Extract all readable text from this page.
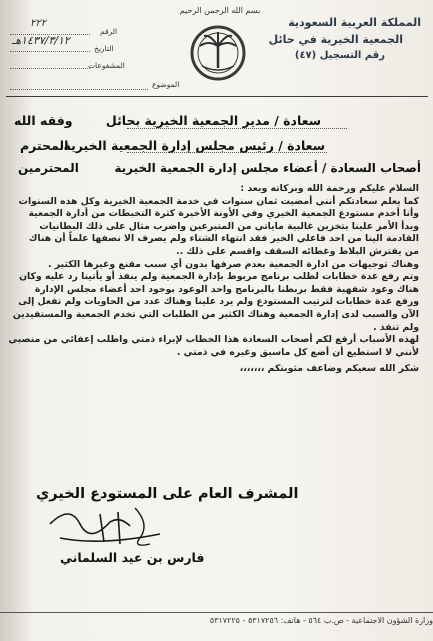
بسم الله الرحمن الرحيم
المملكة العربية السعودية
الجمعية الخيرية في حائل
رقم التسجيل (٤٧)
الرقم
٢٢٢
التاريخ
١٤٣٧/٣/١٢هـ
المشفوعات
الموضوع
سعادة / مدير الجمعية الخيرية بحائل
وفقه الله
سعادة / رئيس مجلس إدارة الجمعية الخيرية
المحترم
أصحاب السعادة / أعضاء مجلس إدارة الجمعية الخيرية
المحترمين

السلام عليكم ورحمة الله وبركاته وبعد :

كما يعلم سعادتكم أنني أمضيت ثمان سنوات في خدمة الجمعية الخيرية وكل هذه السنوات

وأنا أخدم مستودع الجمعية الخيري وفي الأونة الأخيرة كثرة التخبطات من أدارة الجمعية

وبدأ الأمر علينا بتخزين غالبية ماياتي من المتبرعين واضرب مثال على ذلك البطانيات

القادمة الينا من احد فاعلي الخير فقد انتهاء الشتاء ولم يصرف الا نصفها علماً أن هناك

من يفترش البلاط وغطائه السقف واقسم على ذلك ..

وهناك توجيهات من ادارة الجمعية بعدم صرفها بدون أي سبب مقنع وغيرها الكثير .

وتم رفع عدة خطابات لطلب برنامج مربوط بإدارة الجمعية ولم ينفذ أو يأتينا رد عليه وكان

هناك وعود شفهية فقط بربطنا بالبرنامج واحد الوعود بوجود احد أعضاء مجلس الإدارة

ورفع عدة خطابات لترتيب المستودع ولم يرد علينا وهناك عدد من الحاويات ولم تفعل إلى

الآن والسبب لدى إدارة الجمعية وهناك الكثير من الطلبات التي تخدم الجمعية والمستفيدين

ولم تنفذ .

لهذه الأسباب أرفع لكم أصحاب السعادة هذا الخطاب لإبراء ذمتي واطلب إعفائي من منصبي

لأنني لا استطيع أن أضع كل ماسبق وغيره في ذمتي .

شكر الله سعيكم وضاعف مثوبتكم ،،،،،،،

المشرف العام على المستودع الخيري
فارس بن عيد السلماني
وزارة الشؤون الاجتماعية - ص.ب ٥٦٤ - هاتف: ٥٣١٧٢٥٦ - ٥٣١٧٢٢٥
